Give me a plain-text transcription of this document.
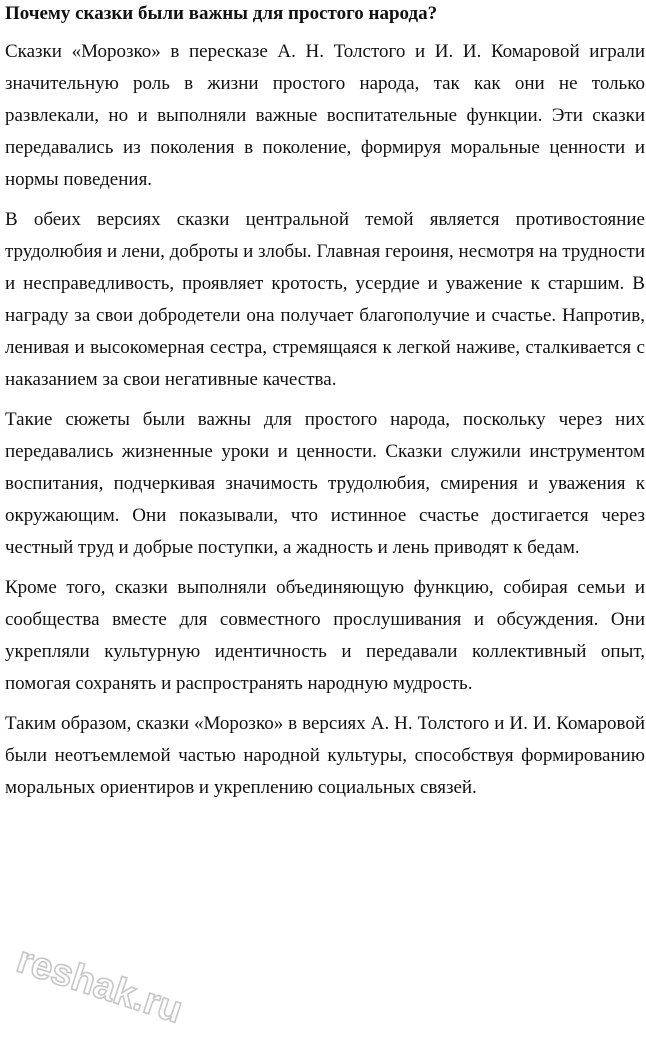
Почему сказки были важны для простого народа?

Сказки «Морозко» в пересказе А. Н. Толстого и И. И. Комаровой играли значительную роль в жизни простого народа, так как они не только развлекали, но и выполняли важные воспитательные функции. Эти сказки передавались из поколения в поколение, формируя моральные ценности и нормы поведения.

В обеих версиях сказки центральной темой является противостояние трудолюбия и лени, доброты и злобы. Главная героиня, несмотря на трудности и несправедливость, проявляет кротость, усердие и уважение к старшим. В награду за свои добродетели она получает благополучие и счастье. Напротив, ленивая и высокомерная сестра, стремящаяся к легкой наживе, сталкивается с наказанием за свои негативные качества.

Такие сюжеты были важны для простого народа, поскольку через них передавались жизненные уроки и ценности. Сказки служили инструментом воспитания, подчеркивая значимость трудолюбия, смирения и уважения к окружающим. Они показывали, что истинное счастье достигается через честный труд и добрые поступки, а жадность и лень приводят к бедам.

Кроме того, сказки выполняли объединяющую функцию, собирая семьи и сообщества вместе для совместного прослушивания и обсуждения. Они укрепляли культурную идентичность и передавали коллективный опыт, помогая сохранять и распространять народную мудрость.

Таким образом, сказки «Морозко» в версиях А. Н. Толстого и И. И. Комаровой были неотъемлемой частью народной культуры, способствуя формированию моральных ориентиров и укреплению социальных связей.

reshak.ru
